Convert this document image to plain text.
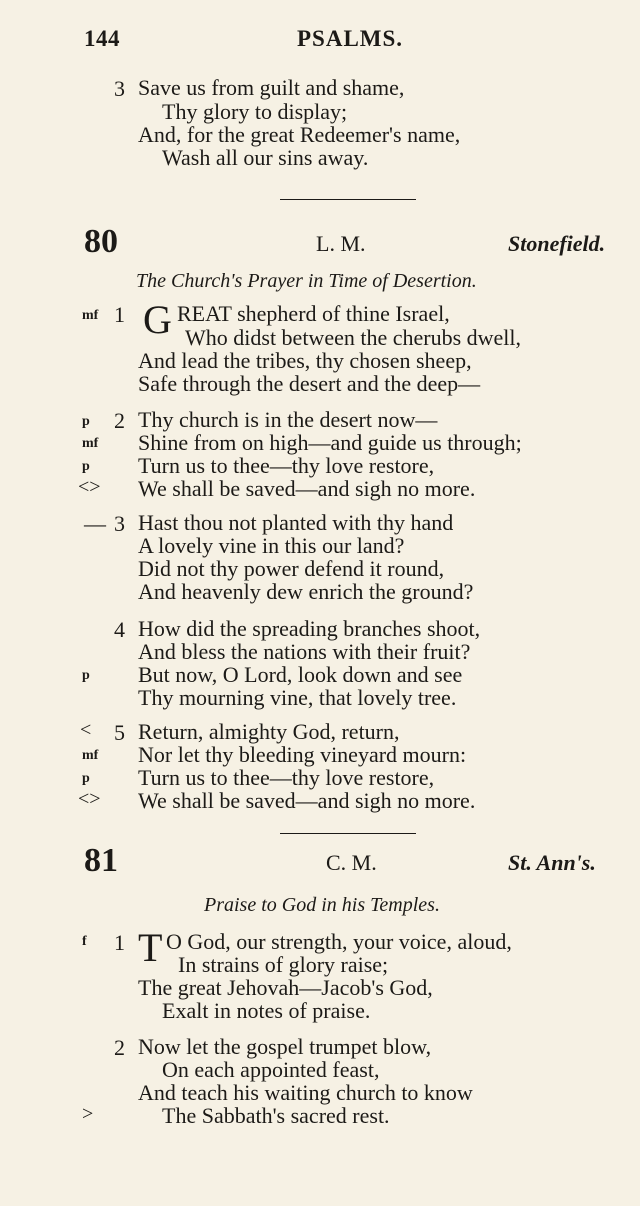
144	PSALMS.
3 Save us from guilt and shame,
Thy glory to display;
And, for the great Redeemer's name,
Wash all our sins away.
80	L. M.	Stonefield.
The Church's Prayer in Time of Desertion.
mf 1 G REAT shepherd of thine Israel,
Who didst between the cherubs dwell,
And lead the tribes, thy chosen sheep,
Safe through the desert and the deep—
p 2 Thy church is in the desert now—
mf Shine from on high—and guide us through;
p Turn us to thee—thy love restore,
<> We shall be saved—and sigh no more.
— 3 Hast thou not planted with thy hand
A lovely vine in this our land?
Did not thy power defend it round,
And heavenly dew enrich the ground?
4 How did the spreading branches shoot,
And bless the nations with their fruit?
p But now, O Lord, look down and see
Thy mourning vine, that lovely tree.
< 5 Return, almighty God, return,
mf Nor let thy bleeding vineyard mourn:
p Turn us to thee—thy love restore,
<> We shall be saved—and sigh no more.
81	C. M.	St. Ann's.
Praise to God in his Temples.
f 1 T O God, our strength, your voice, aloud,
In strains of glory raise;
The great Jehovah—Jacob's God,
Exalt in notes of praise.
2 Now let the gospel trumpet blow,
On each appointed feast,
And teach his waiting church to know
>	The Sabbath's sacred rest.
